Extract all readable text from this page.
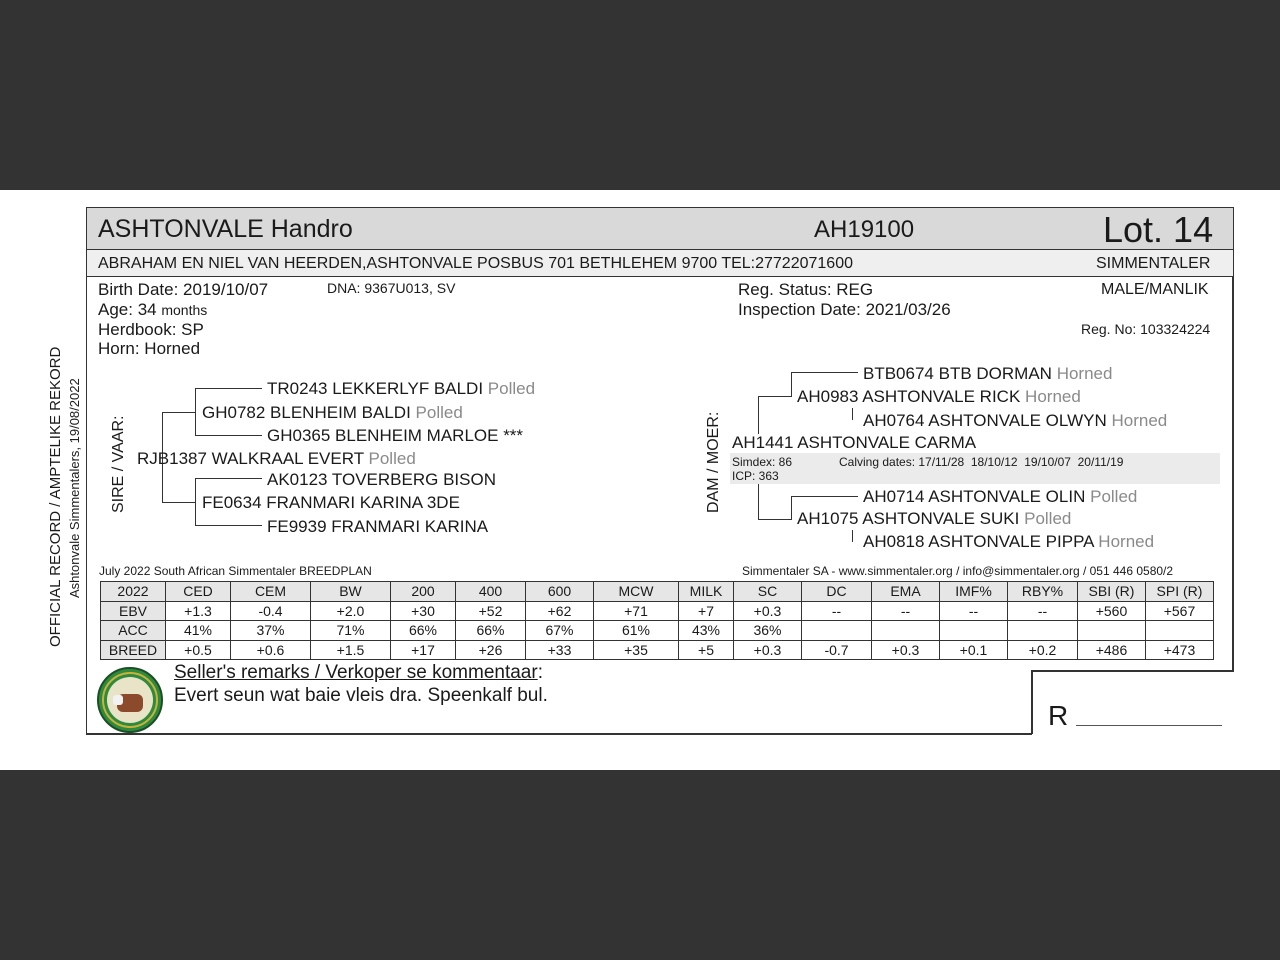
ASHTONVALE Handro	AH19100	Lot. 14
ABRAHAM EN NIEL VAN HEERDEN,ASHTONVALE POSBUS 701 BETHLEHEM 9700 TEL:27722071600	SIMMENTALER
Birth Date: 2019/10/07	DNA: 9367U013, SV
Age: 34 months
Herdbook: SP
Horn: Horned
Reg. Status: REG
Inspection Date: 2021/03/26
MALE/MANLIK
Reg. No: 103324224
OFFICIAL RECORD / AMPTELIKE REKORD Ashtonvale Simmentalers, 19/08/2022 SIRE / VAAR:	DAM / MOER:
TR0243 LEKKERLYF BALDI Polled
GH0782 BLENHEIM BALDI Polled
GH0365 BLENHEIM MARLOE ***
RJB1387 WALKRAAL EVERT Polled
AK0123 TOVERBERG BISON
FE0634 FRANMARI KARINA 3DE
FE9939 FRANMARI KARINA
BTB0674 BTB DORMAN Horned
AH0983 ASHTONVALE RICK Horned
AH0764 ASHTONVALE OLWYN Horned
AH1441 ASHTONVALE CARMA
Simdex: 86
ICP: 363
Calving dates: 17/11/28  18/10/12  19/10/07  20/11/19
AH0714 ASHTONVALE OLIN Polled
AH1075 ASHTONVALE SUKI Polled
AH0818 ASHTONVALE PIPPA Horned
July 2022 South African Simmentaler BREEDPLAN	Simmentaler SA - www.simmentaler.org / info@simmentaler.org / 051 446 0580/2
2022	CED	CEM	BW	200	400	600	MCW	MILK	SC	DC	EMA	IMF%	RBY%	SBI (R)	SPI (R)
EBV	+1.3	-0.4	+2.0	+30	+52	+62	+71	+7	+0.3	--	--	--	--	+560	+567
ACC	41%	37%	71%	66%	66%	67%	61%	43%	36%						
BREED	+0.5	+0.6	+1.5	+17	+26	+33	+35	+5	+0.3	-0.7	+0.3	+0.1	+0.2	+486	+473
Seller's remarks / Verkoper se kommentaar:
Evert seun wat baie vleis dra. Speenkalf bul.
R
